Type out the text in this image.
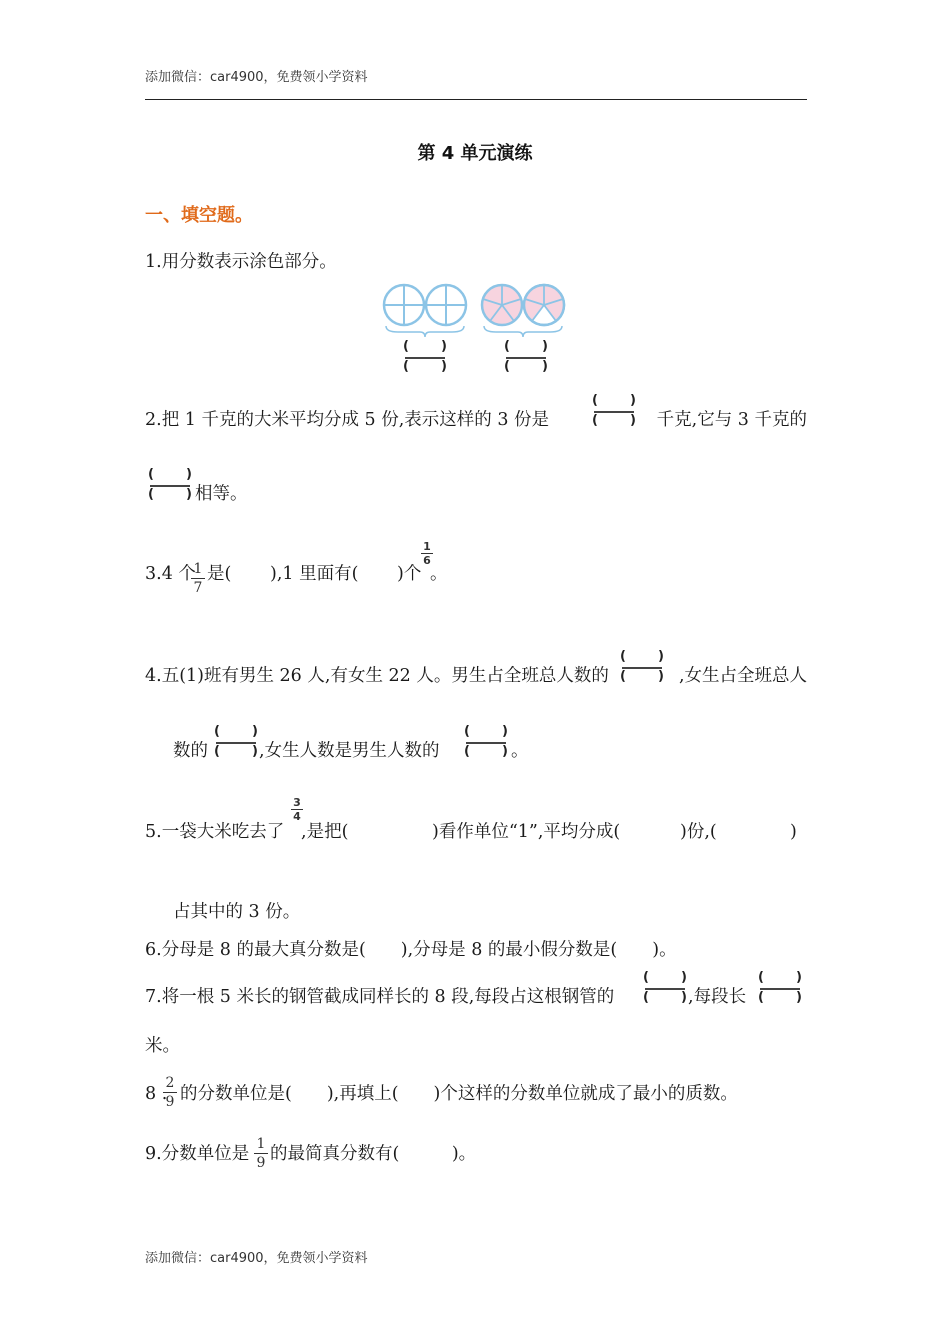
添加微信：car4900，免费领小学资料
添加微信：car4900，免费领小学资料
第 4 单元演练
一、填空题。
1.用分数表示涂色部分。
( )
( )
( )
( )
2.把 1 千克的大米平均分成 5 份,表示这样的 3 份是
( )
( )	千克,它与 3 千克的
( )
( ) 相等。
3.4 个
1
7
是( ),1 里面有( )个
1
6
。
4.五(1)班有男生 26 人,有女生 22 人。男生占全班总人数的
( )
( ) ,女生占全班总人
数的
( )
( ) ,女生人数是男生人数的
( )
( ) 。
5.一袋大米吃去了
3
4
,是把(	)看作单位“1”,平均分成(	)份,(	)
占其中的 3 份。
6.分母是 8 的最大真分数是(　　),分母是 8 的最小假分数是(　　)。
7.将一根 5 米长的钢管截成同样长的 8 段,每段占这根钢管的
( )
( ) ,每段长
( )
( )
米。
8 .
2
9 的分数单位是(　　),再填上(　　)个这样的分数单位就成了最小的质数。
9.分数单位是 1
9 的最简真分数有(　　　)。
